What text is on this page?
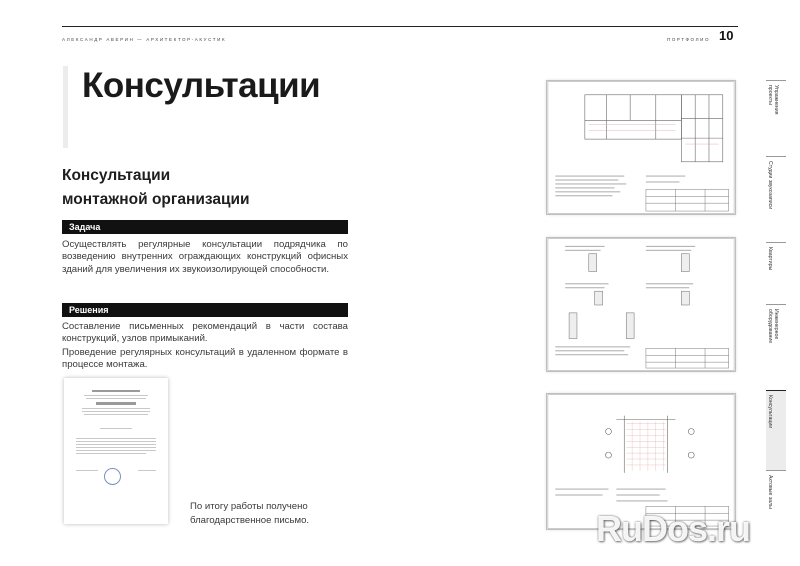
АЛЕКСАНДР АВЕРИН — АРХИТЕКТОР-АКУСТИК	ПОРТФОЛИО 10
Консультации
Консультации
монтажной организации
Задача

Осуществлять регулярные консультации подрядчика по возведению внутренних ограждающих конструкций офисных зданий для увеличения их звукоизолирующей способности.

Решения

Составление письменных рекомендаций в части состава конструкций, узлов примыканий.

Проведение регулярных консультаций в удаленном формате в процессе монтажа.

По итогу работы получено
благодарственное письмо.
Упражнения
проекты
Студии звукозаписи
Квартиры
Инженерное
оборудование
Консультации
Актовые залы
RuDos.ru
